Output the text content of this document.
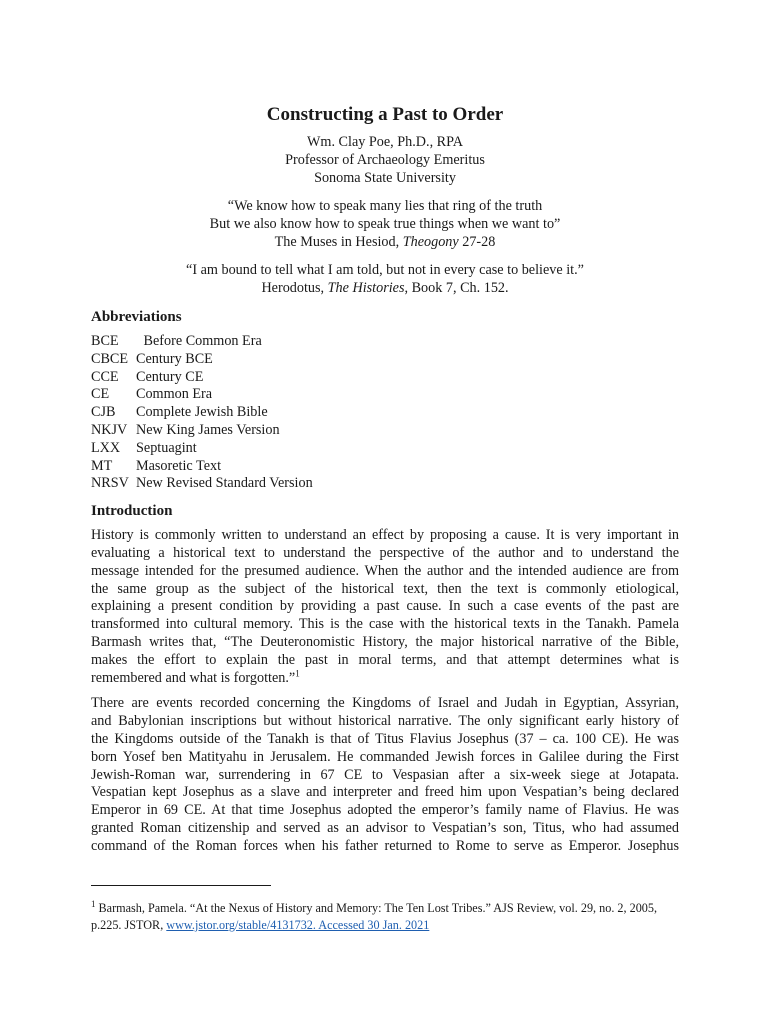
Constructing a Past to Order
Wm. Clay Poe, Ph.D., RPA
Professor of Archaeology Emeritus
Sonoma State University
“We know how to speak many lies that ring of the truth
But we also know how to speak true things when we want to”
The Muses in Hesiod, Theogony 27-28
“I am bound to tell what I am told, but not in every case to believe it.”
Herodotus, The Histories, Book 7, Ch. 152.
Abbreviations
BCE	Before Common Era
CBCE Century BCE
CCE	Century CE
CE	Common Era
CJB	Complete Jewish Bible
NKJV New King James Version
LXX	Septuagint
MT	Masoretic Text
NRSV New Revised Standard Version
Introduction
History is commonly written to understand an effect by proposing a cause. It is very important in
evaluating a historical text to understand the perspective of the author and to understand the
message intended for the presumed audience. When the author and the intended audience are from
the same group as the subject of the historical text, then the text is commonly etiological,
explaining a present condition by providing a past cause. In such a case events of the past are
transformed into cultural memory. This is the case with the historical texts in the Tanakh. Pamela
Barmash writes that, “The Deuteronomistic History, the major historical narrative of the Bible,
makes the effort to explain the past in moral terms, and that attempt determines what is
remembered and what is forgotten.”$^1$
There are events recorded concerning the Kingdoms of Israel and Judah in Egyptian, Assyrian,
and Babylonian inscriptions but without historical narrative. The only significant early history of
the Kingdoms outside of the Tanakh is that of Titus Flavius Josephus (37 – ca. 100 CE). He was
born Yosef ben Matityahu in Jerusalem. He commanded Jewish forces in Galilee during the First
Jewish-Roman war, surrendering in 67 CE to Vespasian after a six-week siege at Jotapata.
Vespatian kept Josephus as a slave and interpreter and freed him upon Vespatian’s being declared
Emperor in 69 CE. At that time Josephus adopted the emperor’s family name of Flavius. He was
granted Roman citizenship and served as an advisor to Vespatian’s son, Titus, who had assumed
command of the Roman forces when his father returned to Rome to serve as Emperor. Josephus
$^1$ Barmash, Pamela. “At the Nexus of History and Memory: The Ten Lost Tribes.” AJS Review, vol. 29, no. 2, 2005,
p.225. JSTOR, www.jstor.org/stable/4131732. Accessed 30 Jan. 2021
